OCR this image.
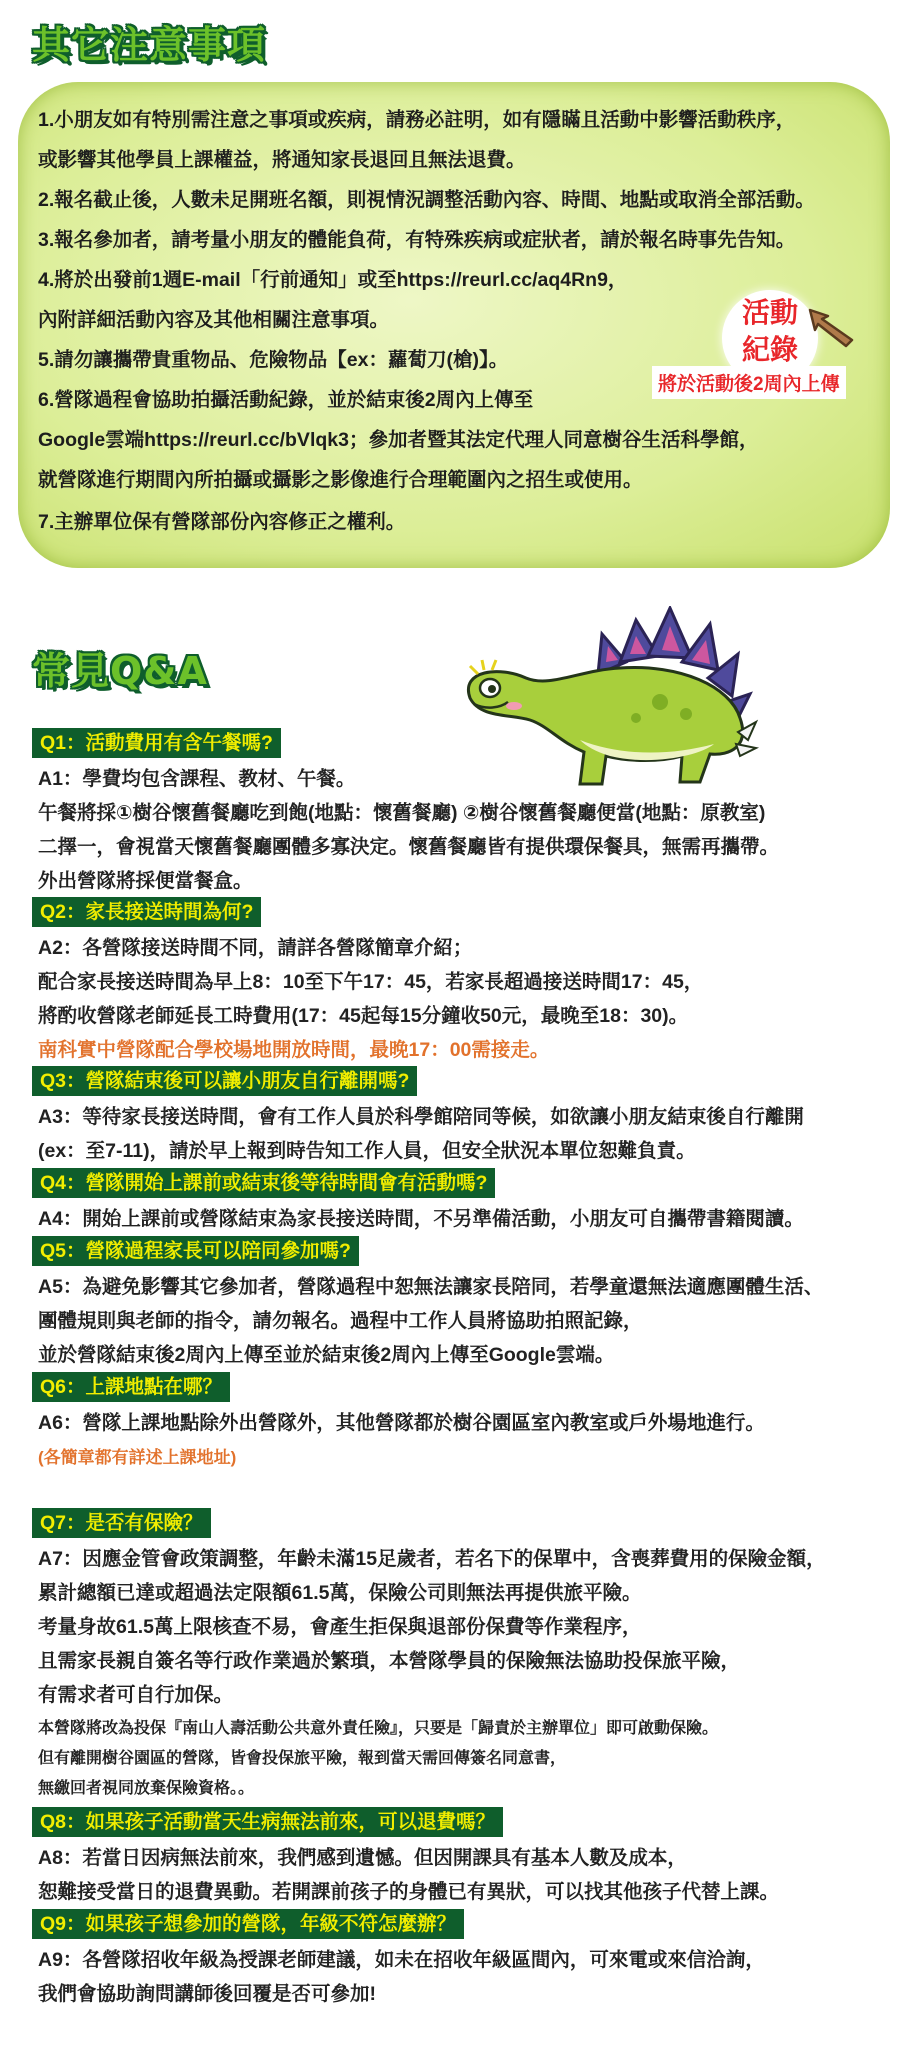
其它注意事項
1.小朋友如有特別需注意之事項或疾病，請務必註明，如有隱瞞且活動中影響活動秩序，
或影響其他學員上課權益，將通知家長退回且無法退費。
2.報名截止後，人數未足開班名額，則視情況調整活動內容、時間、地點或取消全部活動。
3.報名參加者，請考量小朋友的體能負荷，有特殊疾病或症狀者，請於報名時事先告知。
4.將於出發前1週E-mail「行前通知」或至https://reurl.cc/aq4Rn9，
內附詳細活動內容及其他相關注意事項。
5.請勿讓攜帶貴重物品、危險物品【ex：蘿蔔刀(槍)】。
6.營隊過程會協助拍攝活動紀錄，並於結束後2周內上傳至
Google雲端https://reurl.cc/bVlqk3；參加者暨其法定代理人同意樹谷生活科學館，
就營隊進行期間內所拍攝或攝影之影像進行合理範圍內之招生或使用。
7.主辦單位保有營隊部份內容修正之權利。
活動
紀錄
將於活動後2周內上傳
常見Q&A
Q1：活動費用有含午餐嗎?
A1：學費均包含課程、教材、午餐。
午餐將採①樹谷懷舊餐廳吃到飽(地點：懷舊餐廳) ②樹谷懷舊餐廳便當(地點：原教室)
二擇一，會視當天懷舊餐廳團體多寡決定。懷舊餐廳皆有提供環保餐具，無需再攜帶。
外出營隊將採便當餐盒。
Q2：家長接送時間為何?
A2：各營隊接送時間不同，請詳各營隊簡章介紹；
配合家長接送時間為早上8：10至下午17：45，若家長超過接送時間17：45，
將酌收營隊老師延長工時費用(17：45起每15分鐘收50元，最晚至18：30)。
南科實中營隊配合學校場地開放時間，最晚17：00需接走。
Q3：營隊結束後可以讓小朋友自行離開嗎?
A3：等待家長接送時間，會有工作人員於科學館陪同等候，如欲讓小朋友結束後自行離開
(ex：至7-11)，請於早上報到時告知工作人員，但安全狀況本單位恕難負責。
Q4：營隊開始上課前或結束後等待時間會有活動嗎?
A4：開始上課前或營隊結束為家長接送時間，不另準備活動，小朋友可自攜帶書籍閱讀。
Q5：營隊過程家長可以陪同參加嗎?
A5：為避免影響其它參加者，營隊過程中恕無法讓家長陪同，若學童還無法適應團體生活、
團體規則與老師的指令，請勿報名。過程中工作人員將協助拍照記錄，
並於營隊結束後2周內上傳至並於結束後2周內上傳至Google雲端。
Q6：上課地點在哪？
A6：營隊上課地點除外出營隊外，其他營隊都於樹谷園區室內教室或戶外場地進行。
(各簡章都有詳述上課地址)
Q7：是否有保險？
A7：因應金管會政策調整，年齡未滿15足歲者，若名下的保單中，含喪葬費用的保險金額，
累計總額已達或超過法定限額61.5萬，保險公司則無法再提供旅平險。
考量身故61.5萬上限核查不易，會產生拒保與退部份保費等作業程序，
且需家長親自簽名等行政作業過於繁瑣，本營隊學員的保險無法協助投保旅平險，
有需求者可自行加保。
本營隊將改為投保『南山人壽活動公共意外責任險』，只要是「歸責於主辦單位」即可啟動保險。
但有離開樹谷園區的營隊，皆會投保旅平險，報到當天需回傳簽名同意書，
無繳回者視同放棄保險資格。。
Q8：如果孩子活動當天生病無法前來，可以退費嗎？
A8：若當日因病無法前來，我們感到遺憾。但因開課具有基本人數及成本，
恕難接受當日的退費異動。若開課前孩子的身體已有異狀，可以找其他孩子代替上課。
Q9：如果孩子想參加的營隊，年級不符怎麼辦？
A9：各營隊招收年級為授課老師建議，如未在招收年級區間內，可來電或來信洽詢，
我們會協助詢問講師後回覆是否可參加!
